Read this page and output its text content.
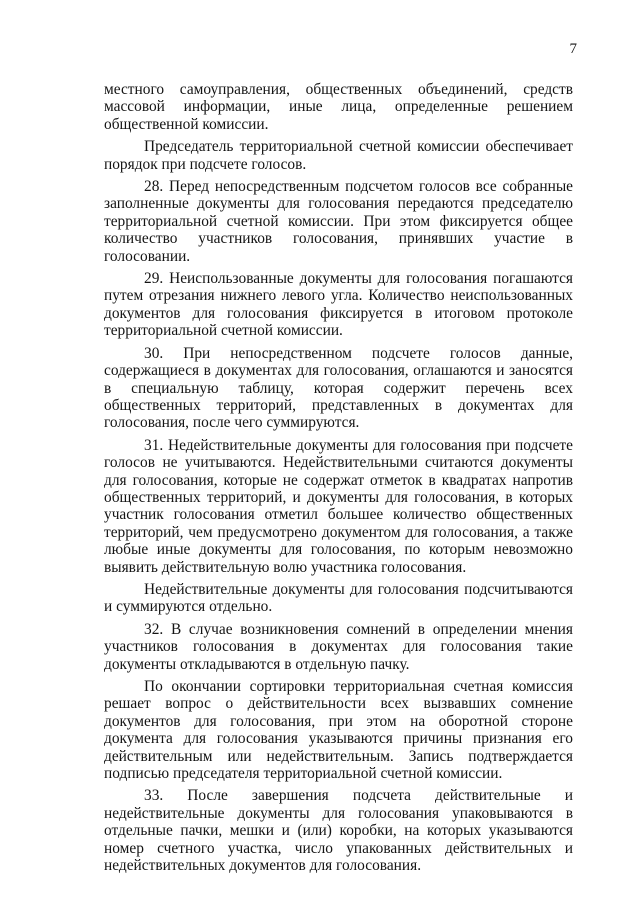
7

местного самоуправления, общественных объединений, средств массовой информации, иные лица, определенные решением общественной комиссии.

Председатель территориальной счетной комиссии обеспечивает порядок при подсчете голосов.

28. Перед непосредственным подсчетом голосов все собранные заполненные документы для голосования передаются председателю территориальной счетной комиссии. При этом фиксируется общее количество участников голосования, принявших участие в голосовании.

29. Неиспользованные документы для голосования погашаются путем отрезания нижнего левого угла. Количество неиспользованных документов для голосования фиксируется в итоговом протоколе территориальной счетной комиссии.

30. При непосредственном подсчете голосов данные, содержащиеся в документах для голосования, оглашаются и заносятся в специальную таблицу, которая содержит перечень всех общественных территорий, представленных в документах для голосования, после чего суммируются.

31. Недействительные документы для голосования при подсчете голосов не учитываются. Недействительными считаются документы для голосования, которые не содержат отметок в квадратах напротив общественных территорий, и документы для голосования, в которых участник голосования отметил большее количество общественных территорий, чем предусмотрено документом для голосования, а также любые иные документы для голосования, по которым невозможно выявить действительную волю участника голосования.

Недействительные документы для голосования подсчитываются и суммируются отдельно.

32. В случае возникновения сомнений в определении мнения участников голосования в документах для голосования такие документы откладываются в отдельную пачку.

По окончании сортировки территориальная счетная комиссия решает вопрос о действительности всех вызвавших сомнение документов для голосования, при этом на оборотной стороне документа для голосования указываются причины признания его действительным или недействительным. Запись подтверждается подписью председателя территориальной счетной комиссии.

33. После завершения подсчета действительные и недействительные документы для голосования упаковываются в отдельные пачки, мешки и (или) коробки, на которых указываются номер счетного участка, число упакованных действительных и недействительных документов для голосования.
